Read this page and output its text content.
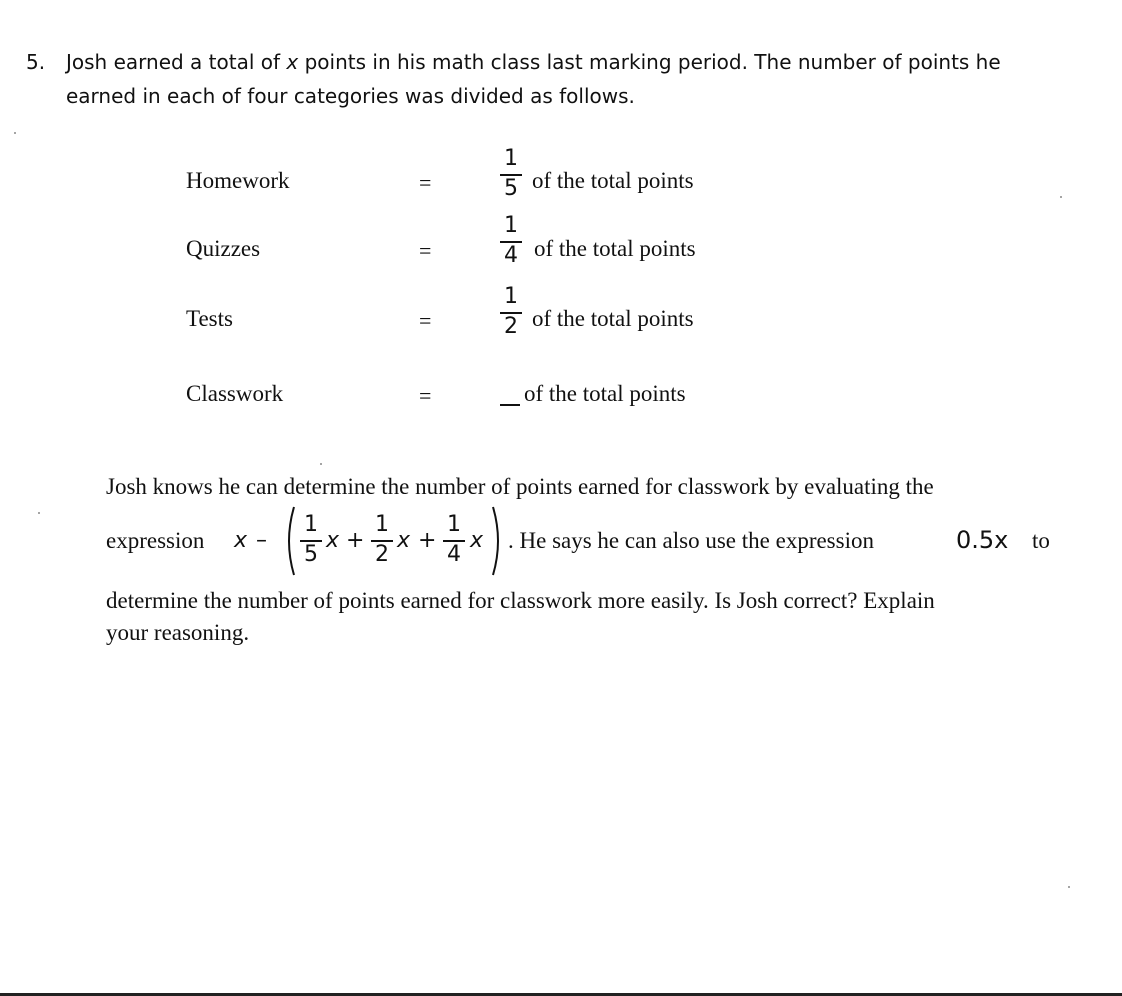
5. Josh earned a total of x points in his math class last marking period. The number of points he
earned in each of four categories was divided as follows.
Homework	=
1
5 of the total points
Quizzes	=
1
4 of the total points
Tests	=
1
2 of the total points
Classwork	=	of the total points
Josh knows he can determine the number of points earned for classwork by evaluating the
expression x –
1
5
x +
1
2
x +
1
4
x . He says he can also use the expression	0.5x to
determine the number of points earned for classwork more easily. Is Josh correct? Explain
your reasoning.
